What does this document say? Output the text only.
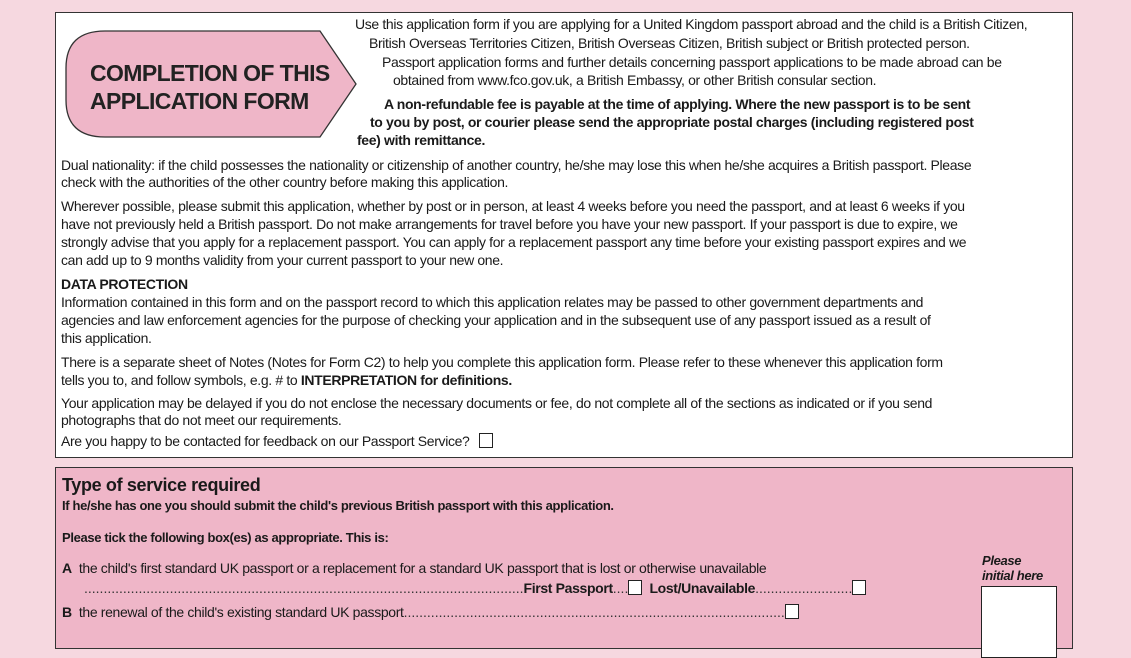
COMPLETION OF THIS
APPLICATION FORM
Use this application form if you are applying for a United Kingdom passport abroad and the child is a British Citizen,
British Overseas Territories Citizen, British Overseas Citizen, British subject or British protected person.
Passport application forms and further details concerning passport applications to be made abroad can be
obtained from www.fco.gov.uk, a British Embassy, or other British consular section.
A non-refundable fee is payable at the time of applying. Where the new passport is to be sent
to you by post, or courier please send the appropriate postal charges (including registered post
fee) with remittance.
Dual nationality: if the child possesses the nationality or citizenship of another country, he/she may lose this when he/she acquires a British passport. Please
check with the authorities of the other country before making this application.
Wherever possible, please submit this application, whether by post or in person, at least 4 weeks before you need the passport, and at least 6 weeks if you
have not previously held a British passport. Do not make arrangements for travel before you have your new passport. If your passport is due to expire, we
strongly advise that you apply for a replacement passport. You can apply for a replacement passport any time before your existing passport expires and we
can add up to 9 months validity from your current passport to your new one.
DATA PROTECTION
Information contained in this form and on the passport record to which this application relates may be passed to other government departments and
agencies and law enforcement agencies for the purpose of checking your application and in the subsequent use of any passport issued as a result of
this application.
There is a separate sheet of Notes (Notes for Form C2) to help you complete this application form. Please refer to these whenever this application form
tells you to, and follow symbols, e.g. # to INTERPRETATION for definitions.
Your application may be delayed if you do not enclose the necessary documents or fee, do not complete all of the sections as indicated or if you send
photographs that do not meet our requirements.
Are you happy to be contacted for feedback on our Passport Service?
Type of service required
If he/she has one you should submit the child's previous British passport with this application.
Please tick the following box(es) as appropriate. This is:
A the child's first standard UK passport or a replacement for a standard UK passport that is lost or otherwise unavailable
.................................................................................................................First Passport.... Lost/Unavailable.........................
B the renewal of the child's existing standard UK passport..................................................................................................
Please
initial here
